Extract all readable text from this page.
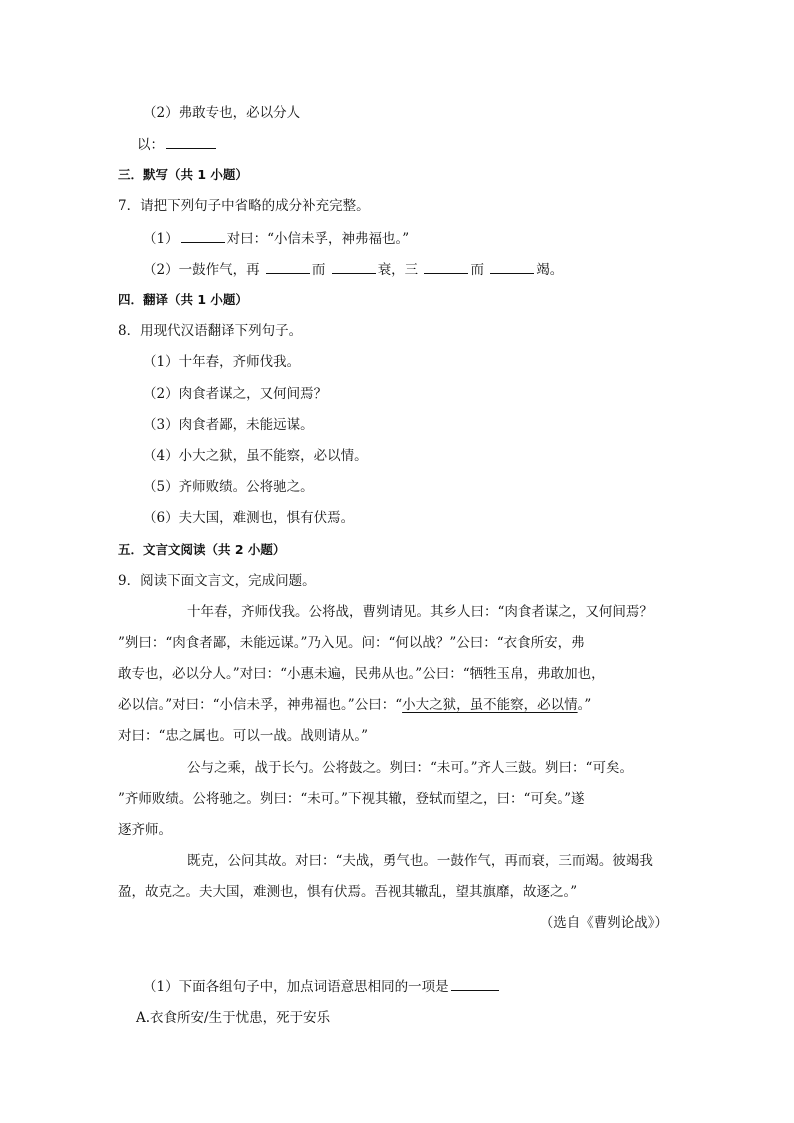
（2）弗敢专也，必以分人
以：
三．默写（共 1 小题）
7．请把下列句子中省略的成分补充完整。
（1）	对曰：“小信未孚，神弗福也。”
（2）一鼓作气，再	而	衰，三	而	竭。
四．翻译（共 1 小题）
8．用现代汉语翻译下列句子。
（1）十年春，齐师伐我。
（2）肉食者谋之，又何间焉？
（3）肉食者鄙，未能远谋。
（4）小大之狱，虽不能察，必以情。
（5）齐师败绩。公将驰之。
（6）夫大国，难测也，惧有伏焉。
五．文言文阅读（共 2 小题）
9．阅读下面文言文，完成问题。
十年春，齐师伐我。公将战，曹刿请见。其乡人曰：“肉食者谋之，又何间焉？
”刿曰：“肉食者鄙，未能远谋。”乃入见。问：“何以战？”公曰：“衣食所安，弗
敢专也，必以分人。”对曰：“小惠未遍，民弗从也。”公曰：“牺牲玉帛，弗敢加也，
必以信。”对曰：“小信未孚，神弗福也。”公曰：“小大之狱，虽不能察，必以情。”
对曰：“忠之属也。可以一战。战则请从。”
公与之乘，战于长勺。公将鼓之。刿曰：“未可。”齐人三鼓。刿曰：“可矣。
”齐师败绩。公将驰之。刿曰：“未可。”下视其辙，登轼而望之，曰：“可矣。”遂
逐齐师。
既克，公问其故。对曰：“夫战，勇气也。一鼓作气，再而衰，三而竭。彼竭我
盈，故克之。夫大国，难测也，惧有伏焉。吾视其辙乱，望其旗靡，故逐之。”
（选自《曹刿论战》）
（1）下面各组句子中，加点词语意思相同的一项是
A.衣食所安/生于忧患，死于安乐
